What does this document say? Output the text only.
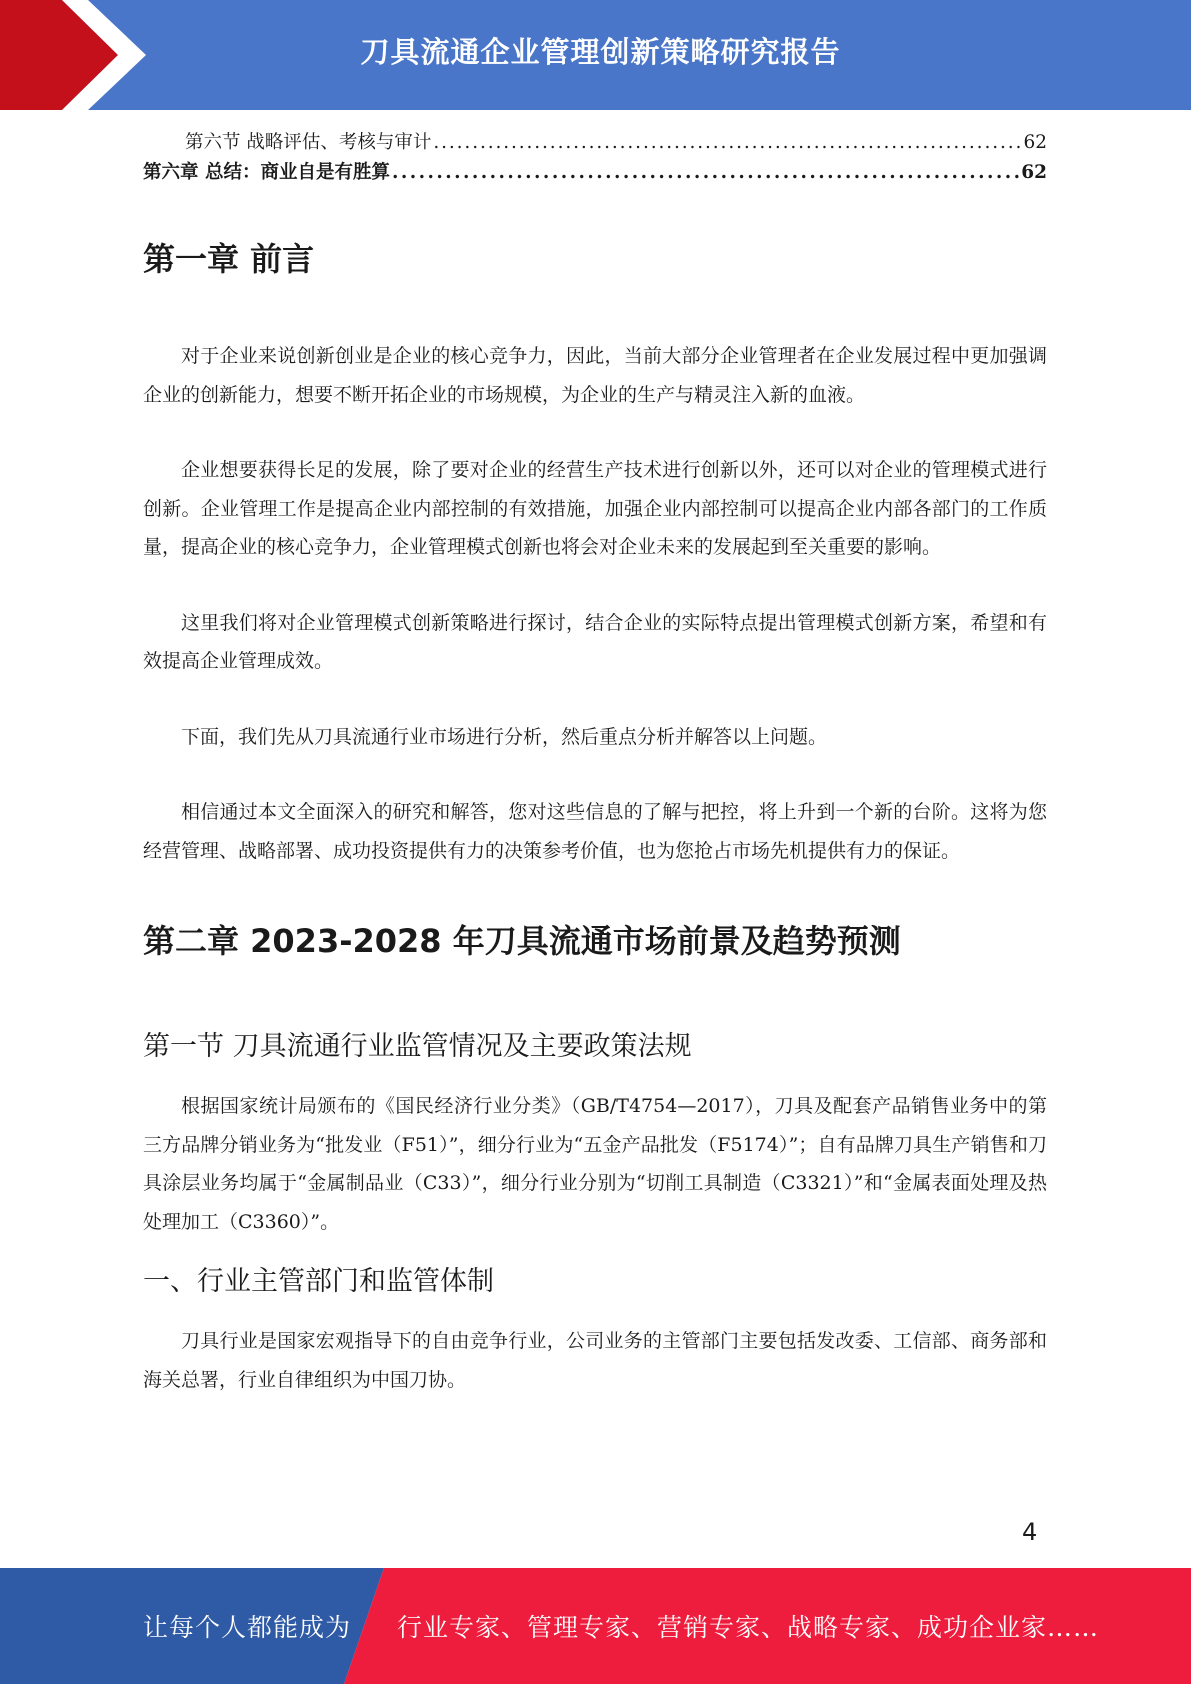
刀具流通企业管理创新策略研究报告
第六节 战略评估、考核与审计 . . .	62
第六章 总结：商业自是有胜算 . . .	62
第一章 前言

对于企业来说创新创业是企业的核心竞争力，因此，当前大部分企业管理者在企业发展过程中更加强调企业的创新能力，想要不断开拓企业的市场规模，为企业的生产与精灵注入新的血液。

企业想要获得长足的发展，除了要对企业的经营生产技术进行创新以外，还可以对企业的管理模式进行创新。企业管理工作是提高企业内部控制的有效措施，加强企业内部控制可以提高企业内部各部门的工作质量，提高企业的核心竞争力，企业管理模式创新也将会对企业未来的发展起到至关重要的影响。

这里我们将对企业管理模式创新策略进行探讨，结合企业的实际特点提出管理模式创新方案，希望和有效提高企业管理成效。

下面，我们先从刀具流通行业市场进行分析，然后重点分析并解答以上问题。

相信通过本文全面深入的研究和解答，您对这些信息的了解与把控，将上升到一个新的台阶。这将为您经营管理、战略部署、成功投资提供有力的决策参考价值，也为您抢占市场先机提供有力的保证。

第二章 2023-2028 年刀具流通市场前景及趋势预测
第一节 刀具流通行业监管情况及主要政策法规

根据国家统计局颁布的《国民经济行业分类》（GB/T4754—2017），刀具及配套产品销售业务中的第三方品牌分销业务为“批发业（F51）”，细分行业为“五金产品批发（F5174）”；自有品牌刀具生产销售和刀具涂层业务均属于“金属制品业（C33）”，细分行业分别为“切削工具制造（C3321）”和“金属表面处理及热处理加工（C3360）”。

一、行业主管部门和监管体制

刀具行业是国家宏观指导下的自由竞争行业，公司业务的主管部门主要包括发改委、工信部、商务部和海关总署，行业自律组织为中国刀协。

4
让每个人都能成为 行业专家、管理专家、营销专家、战略专家、成功企业家……
